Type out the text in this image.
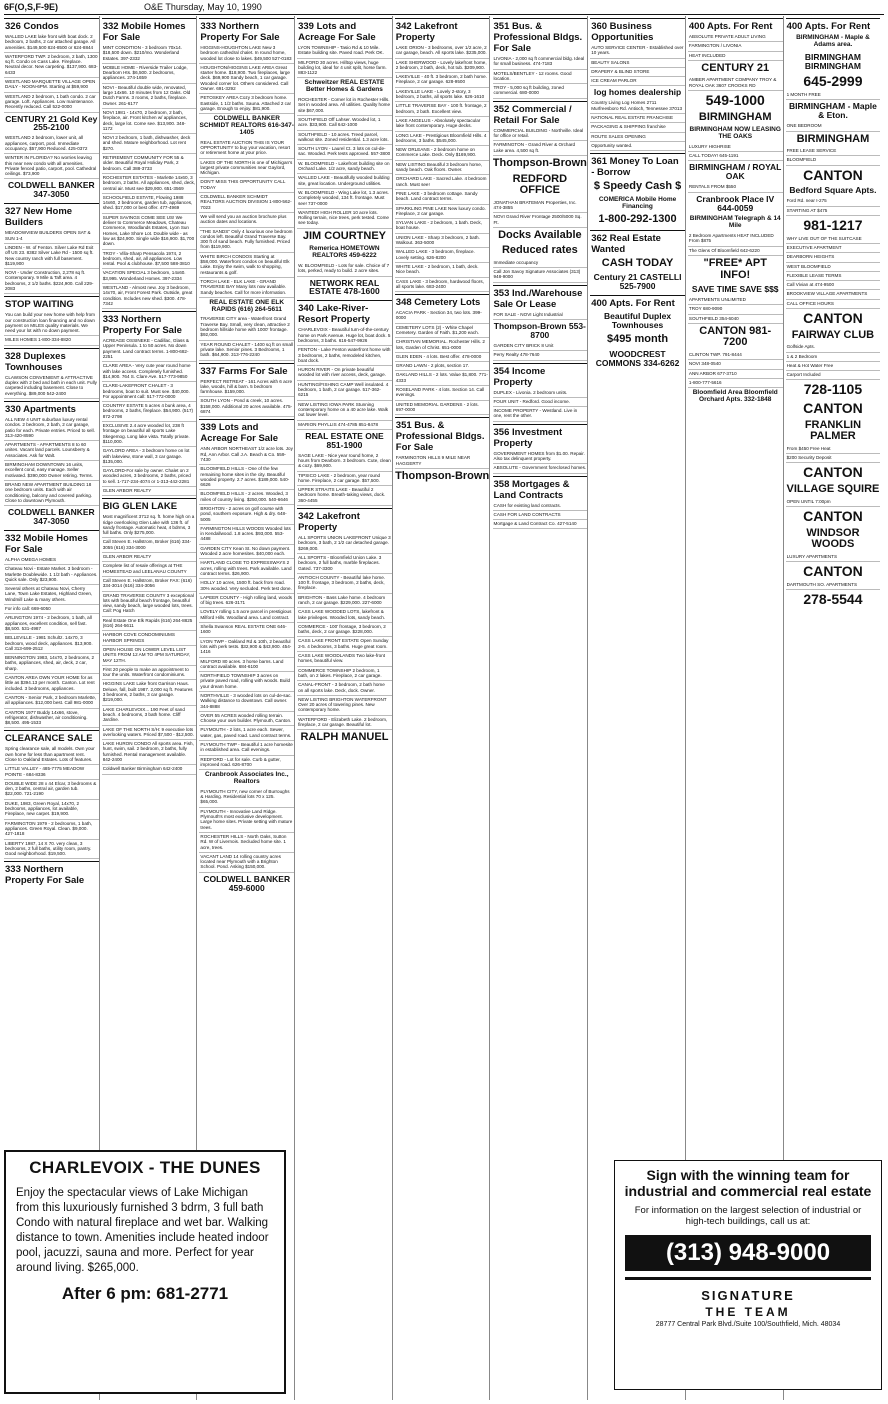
6F(O,S,F-9E)	O&E Thursday, May 10, 1990
326 Condos
WALLED LAKE lake front with boat dock. 2 bedroom, 2 baths, 2 car attached garage. All amenities. $149,500 824-8500 or 624-8844
WATERFORD TWP. 2 bedroom, 2 bath, 1300 sq ft. Condo on Cass Lake. Fireplace. Neutral decor. New carpeting. $137,900. 683-6433
WESTLAND MARQUETTE VILLAGE OPEN DAILY - NOON-6PM. Starting at $59,900
WESTLAND 2 bedroom, 1 bath condo. 2 car garage. Loft. Appliances. Low maintenance. Recently reduced. Call 522-0000
CENTURY 21 Gold Key 255-2100
WESTLAND 2 bedroom, lower unit, all appliances, carport, pool. Immediate occupancy. $57,900 Reduced. 425-0372
WINTER IN FLORIDA? No worries leaving this near new condo with all amenities. Private fenced patio, carport, pool. Cathedral ceilings. $73,900
COLDWELL BANKER 347-3050
327 New Home Builders
MEADOWVIEW BUILDERS OPEN SAT & SUN 1-4
LINDEN - W. of Fenton. Silver Lake Rd Exit off US 23. 8382 Silver Lake Rd - 1500 sq ft. New country ranch with full basement. $119,900
NOVI - Under Construction, 2,278 sq ft. Contemporary. 9 Mile & Taft area. 4 bedrooms, 2 1/2 baths. $224,900. Call 229-2083
STOP WAITING
You can build your new home with help from our construction loan financing and no down payment on MILES quality materials. We need your lot with no down payment.
MILES HOMES 1-800-334-8820
328 Duplexes Townhouses
CLAWSON CONVENIENT & ATTRACTIVE duplex with 2 bed and bath in each unit. Fully carpeted including basement. Close to everything. $89,000 542-2400
330 Apartments
ALL NEW 4 UNIT suburban luxury rental condos. 2 bedroom, 2 bath, 2 car garage, patio for each. Private entries. Priced to sell. 313-420-8590
APARTMENTS - APARTMENTS 8 to 60 unites. Vacant land parcels. Lounsberry & Associates. Ask for Walt.
BIRMINGHAM DOWNTOWN 16 units, excellent cond, easy manage. Seller motivated. $390,000 Owner retiring. Terms.
BRAND NEW APARTMENT BUILDING 18 one bedroom units. Each with air conditioning, balcony and covered parking. Close to downtown Plymouth.
COLDWELL BANKER 347-3050
332 Mobile Homes For Sale
ALPHA OMEGA HOMES
Chateau Novi - Estate Market. 3 bedroom - Marlette Doublewide. 1 1/2 bath - Appliances. Quick sale. Only $23,900.
Several others at Chateau Novi, Cherry Lane, Town Lake Estates, Highland Green, Windmill Lake & many others.
For info call: 669-6050
ARLINGTON 1974 - 2 bedroom, 1 bath, all appliances, excellent condition, sell fast. $8,500. 531-4987
BELLEVILLE - 1981 Schultz. 14x70, 3 bedroom, wood deck, appliances. $13,900. Call 313-699-2512
BENNINGTON 1983, 14x70, 2 bedrooms, 2 baths, appliances, shed, air, deck, 2 car, sharp.
CANTON AREA OWN YOUR HOME for as little as $394.13 per month. Canton. Lot rent included. 3 bedrooms, appliances.
CANTON - Senior Park, 2 bedroom Marlette, all appliances. $12,000 best. Call 981-0000
CANTON 1977 Buddy 14x66, stove, refrigerator, dishwasher, air conditioning. $8,500. 495-1533
CLEARANCE SALE
Spring clearance sale, all models. Own your own home for less than apartment rent. Close to Oakland Estates. Lots of features.
LITTLE VALLEY - 485-7775 MEADOW POINTE - 684-8336
DOUBLE WIDE 28 x 44 Elcar, 3 bedrooms & den, 2 baths, central air, garden tub. $22,000. 721-2190
DUKE, 1983, Green Royal, 14x70, 2 bedrooms, appliances, lot available, Fireplace, new carpet. $19,900.
FARMINGTON 1979 - 2 bedrooms, 1 bath, appliances. Green Royal. Clean. $9,000. 427-1818
LIBERTY 1987, 14 X 70. very clean, 3 bedrooms, 2 full baths, utility room, pantry. Good neighborhood. $19,500.
333 Northern Property For Sale
332 Mobile Homes For Sale
MINT CONDITION - 3 bedroom 70x14. $18,500 down. $210/mo. Wonderland Estates. 397-2332
MOBILE HOME - Riverside Trailer Lodge, Dearborn Hts. $6,500. 2 bedrooms, appliances. 274-1659
NOVI - Beautiful double wide, renovated, large 14x66. 10 minutes from 12 Oaks. Old Dutch Farms. 3 rooms, 2 baths, fireplace. Owner. 261-6177
NOVI 1981 - 14x70, 2 bedroom, 2 bath, fireplace, air. Front kitchen w/ appliances, deck, large lot. Come see. $13,900. 348-1172
NOVI 2 bedroom, 1 bath, dishwasher, deck and shed. Mature neighborhood. Lot rent $270.
RETIREMENT COMMUNITY FOR 55 & older. Beautiful Royal Holiday Park, 2 bedroom. Call 388-3733
ROCHESTER ESTATES - Marlette 14x60, 3 bedroom, 2 baths. All appliances, shed, deck, central air. Must see $29,900. 651-3569
SCHOOLFIELD ESTATE, Flowing 1988 14x60, 2 bedrooms, garden tub, appliances, shed. $17,000 or best offer. 477-4969
SUPER SAVINGS COME SEE US! We deliver to Commerce Meadows, Chateau Commerce, Woodlands Estates, Lyon Sun Homes, Lake Shore Lot. Double wide - as low as $24,900. Single wide $16,900. $1,700 down.
TROY - Villa-Sharp Pensacola 1974, 2 bedroom, shed, air, all appliances. Low rental. Pool & clubhouse. $7,500 588-3810
VACATION SPECIAL 3 bedroom, 14x60. $3,995. Wonderland Homes. 397-2334
WESTLAND - Almost new. Joy 3 bedroom, 14x70, air, Front Forest Park. Outside, great condition. Includes new shed. $300. 478-7342
333 Northern Property For Sale
ACREAGE OSSINEKE - Cadillac, Glass & Upper Peninsula. 1 to 50 acres. No down payment. Land contract terms. 1-800-682-2251
CLARE AREA - Very cute year round home with lake access. Completely furnished. $14,900. 764 S. Clare Ave. 517-773-9850
CLARE-LAKEFRONT CHALET - 3 bedrooms, boat to suit. Must see. $40,000. For appointment call: 517-772-0000
COUNTRY ESTATE 5 acres 4 bunk area, 4 bedrooms, 2 baths, fireplace. $54,900. (517) 872-2798
EXCLUSIVE 2.4 acre wooded lot, 238 ft frontage on beautiful all sports Lake Skegemog. Long lake vista. Totally private. $110,000.
GAYLORD AREA - 3 bedroom home on lot with lakeview, stone wall, 3 car garage. $135,000.
GAYLORD-For sale by owner. Chalet on 2 wooded acres, 3 bedrooms, 2 baths, priced to sell. 1-717-234-4074 or 1-313-442-2281
GLEN ARBOR REALTY
BIG GLEN LAKE
Most magnificent 3712 sq. ft. home high on a ridge overlooking Glen Lake with 136 ft. of sandy frontage. Automatic heat, 4 bdrms, 3 full baths. Only $275,000.
Call Steven E. Hallstrom, Broker (616) 334-3055 (616) 334-3000
GLEN ARBOR REALTY
Complete list of resale offerings at THE HOMESTEAD and LEELANAU COUNTY
Call Steven E. Hallstrom, Broker FAX: (616) 334-3014 (616) 334-3056
GRAND TRAVERSE COUNTY 3 exceptional lots with beautiful beach frontage, beautiful view, sandy beach, large wooded lots, trees. Call: Pog Hatch
Real Estate One Elk Rapids (616) 264-8825 (616) 264-5611
HARBOR COVE CONDOMINIUMS HARBOR SPRINGS
OPEN HOUSE ON LOWER LEVEL LIST UNITS FROM 12 AM TO 4PM SATURDAY, MAY 12TH.
First 20 people to make an appointment to tour the units. Waterfront condominiums.
HIGGINS LAKE Lake front Garrison Haus. Deluxe, fall, built 1987. 2,000 sq ft. Features 3 bedrooms, 2 baths, 3 car garage. $219,000.
LAKE CHARLEVOIX... 190 Feet of sand beach. 4 bedrooms, 3 bath home. Cliff Jardine.
LAKE OF THE NORTH S/H: 9 executive lots overlooking waters. Priced $7,500 - $12,500.
LAKE HURON CONDO All sports area. Fish, hunt, swim, sail. 2 bedroom, 2 baths, fully furnished. Rental management available. 842-2400
Coldwell Banker Birmingham 642-2400
333 Northern Property For Sale
HIGGINS-HOUGHTON LAKE New 3 bedroom cathedral chalet. In round home, wooded lot close to lakes. $49,500 527-0183
HOUGHTON/HIGGINS LAKE AREA Great starter home. $18,900. Two fireplaces, large deck. $69,900 Sandy beach, 1 car garage. Wooded corner lot. Others considered. Call Owner. 691-3292
PETOSKEY AREA Cozy 3 bedroom home. Eastside, 1 1/2 baths. Sauna. Attached 2 car garage. Enough to enjoy. $81,900.
COLDWELL BANKER SCHMIDT REALTORS 616-347-1405
REAL ESTATE AUCTION THIS IS YOUR OPPORTUNITY to buy your vacation, resort or retirement home at your price.
LAKES OF THE NORTH is one of Michigan's largest private communities near Gaylord, Michigan.
DON'T MISS THIS OPPORTUNITY CALL TODAY
COLDWELL BANKER SCHMIDT REALTORS AUCTION DIVISION 1-800-562-7023
We will send you an auction brochure plus auction dates and locations.
"THE SANDS" Only 4 luxurious one bedroom condos left. Beautiful Grand Traverse Bay. 300 ft of sand beach. Fully furnished. Priced from $119,900.
WHITE BIRCH CONDOS Starting at $58,000. Waterfront condos on beautiful Elk Lake. Enjoy the swim, walk to shopping, restaurants & golf.
TORCH LAKE - ELK LAKE - GRAND TRAVERSE BAY Many lots now available. Sandy beaches. Call for more information.
REAL ESTATE ONE ELK RAPIDS (616) 264-5611
TRAVERSE CITY area - Waterfront Grand Traverse Bay. Small, very clean, attractive 2 bedroom hillside home with 1000' frontage. $92,000.
YEAR ROUND CHALET - 1400 sq ft on small private lake. Senior pines. 3 Bedrooms, 1 bath. $64,900. 313-776-2240
337 Farms For Sale
PERFECT RETREAT - 161 Acres with 6 acre lake, woods, hill & barn. 5 bedroom farmhouse. $159,000.
SOUTH LYON - Pond & creek, 10 acres. $158,000. Additional 20 acres available. 475-6874
339 Lots and Acreage For Sale
ANN ARBOR NORTHEAST 1/2 acre lots. Joy Rd, Ann Arbor. Call J.A. Beach & Co. 559-7430
BLOOMFIELD HILLS - One of the few remaining home sites in the city. Beautiful wooded property. 2.7 acres. $189,000. 540-6626
BLOOMFIELD HILLS - 2 acres. Wooded, 3 miles of country living. $250,000. 540-6646
BRIGHTON - 2 acres on golf course with pond, southern exposure. High & dry. 648-5005
FARMINGTON HILLS WOODS Wooded lots in Kendallwood. 1.8 acres. $93,000. 553-4488
GARDEN CITY Kean St. No down payment. Wooded 2 acre homesites. $40,000 each.
HARTLAND CLOSE TO EXPRESSWAYS 2 acres, rolling with trees. Park available. Land contract terms. $26,900.
HOLLY 10 acres, 1500 ft. back from road. 30% wooded. Very secluded. Perk test done.
LAPEER COUNTY - High rolling land, woods of big trees. 626-3171
LOVELY rolling 1.5 acre parcel in prestigious Milford Hills. Woodland area. Land contract.
Shella Swanson REAL ESTATE ONE 646-1600
LYON TWP - Oakland Rd & 10th, 2 beautiful lots with perk tests. $32,900 & $43,900. 454-1416
MILFORD 80 acres. 3 horse barns. Land contract available. 684-6100
NORTHFIELD TOWNSHIP 3 acres on private paved road, rolling with woods. Build your dream home.
NORTHVILLE - 3 wooded lots on cul-de-sac. Walking distance to downtown. Call owner. 344-8888
OVER 55 ACRES wooded rolling terrain. Choose your own builder. Plymouth, Canton.
PLYMOUTH - 2 lots, 1 acre each. Sewer, water, gas, paved road. Land contract terms.
PLYMOUTH TWP - Beautiful 1 acre homesite in established area. Call evenings.
REDFORD - Lot for sale. Curb & gutter, improved road. 626-8700
Cranbrook Associates Inc., Realtors
PLYMOUTH CITY, new corner of Burroughs & Harding. Residential lots 70 x 125. $65,000.
PLYMOUTH - Innovative Land Ridge. Plymouth's most exclusive development. Large home sites. Private setting with mature trees.
ROCHESTER HILLS - North Oaks, Sutton Rd. W of Livernois. Secluded home site. 1 acre, trees.
VACANT LAND 14 rolling country acres located near Plymouth with a Brighton School. Pond. Asking $150,000.
COLDWELL BANKER 459-6000
339 Lots and Acreage For Sale
LYON TOWNSHIP - Tasio Rd & 10 Mile. Estate building site. Paved road. Perk OK.
MILFORD 30 acres. Hilltop views, huge building lot, ideal for 4 unit split, horse farm. 883-1122
Schweitzer REAL ESTATE Better Homes & Gardens
ROCHESTER - Corner lot in Rochester Hills. Set in wooded area. All utilities. Quality home site $67,000.
SOUTHFIELD Off Lahser. Wooded lot, 1 acre. $33,900. Call 642-1000
SOUTHFIELD - 10 acres. Treed parcel, walkout site. Zoned residential. 1.3 acre lots.
SOUTH LYON - Laurel Ct. 3 lots on cul-de-sac. Wooded. Perk tests approved. 557-3800
W. BLOOMFIELD - Lakefront building site on Orchard Lake. 1/2 acre, sandy beach.
WALLED LAKE - Beautifully wooded building site, great location. Underground utilities.
W. BLOOMFIELD - Wing Lake lot, 1.3 acres. Completely wooded, 134 ft. frontage. Must see! 737-0000
WANTED! HIGH ROLLER 10 acre lots. Rolling terrain, nice trees, perk tested. Come see today.
JIM COURTNEY
Remerica HOMETOWN REALTORS 459-6222
W. BLOOMFIELD - Lots for sale. Choice of 7 lots, perked, ready to build. 2 acre sites.
NETWORK REAL ESTATE 478-1600
340 Lake-River-Resort Property
CHARLEVOIX - Beautiful turn-of-the-century home on Park Avenue. Huge lot, boat dock. 5 bedrooms, 3 baths. 616-547-9926
FENTON - Lake Fenton waterfront home with 3 bedrooms, 2 baths, remodeled kitchen, boat dock.
HURON RIVER - On private beautiful wooded lot with river access, deck, garage.
HUNTING/FISHING CAMP Well insulated. 4 bedroom, 1 bath, 2 car garage. 517-362-6215
NEW LISTING IOWA PARK Stunning contemporary home on a 40 acre lake. Walk out lower level.
MARION PHYLLIS 474-4785 851-8478
REAL ESTATE ONE 851-1900
SAGE LAKE - Nice year round home, 2 hours from Dearborn. 3 bedroom. Cute, clean & cozy. $69,900.
TIPSICO LAKE - 2 bedroom, year round home. Fireplace, 2 car garage. $57,500.
UPPER STRAITS LAKE - Beautiful 2 bedroom home. Breath-taking views, dock. 360-4455
342 Lakefront Property
ALL SPORTS UNION LAKEFRONT Unique 3 bedroom, 3 bath, 2 1/2 car detached garage. $269,000.
ALL SPORTS - Bloomfield Union Lake. 3 bedroom, 2 full baths, marble fireplaces. Gated. 737-3300
ANTIOCH COUNTY - Beautiful lake home. 100 ft. frontage, 3 bedroom, 2 baths, deck, fireplace.
BRIGHTON - Bass Lake home. 4 bedroom ranch, 2 car garage. $229,000. 227-6000
CASS LAKE WOODED LOTS, lakefront & lake privileges. Wooded lots, sandy beach.
COMMERCE - 100' frontage, 3 bedroom, 2 baths, deck, 2 car garage. $228,000.
CASS LAKE FRONT ESTATE Open Sunday 2-5. 4 bedrooms, 3 baths. Huge great room.
CASS LAKE WOODLANDS Two lake-front homes, beautiful view.
COMMERCE TOWNSHIP 2 bedroom, 1 bath, on 2 lakes. Fireplace, 2 car garage.
CANAL-FRONT - 3 bedroom, 2 bath home on all sports lake. Deck, dock. Owner.
NEW LISTING BRIGHTON WATERFRONT Over 20 acres of towering pines. New contemporary home.
WATERFORD - Elizabeth Lake. 2 bedroom, fireplace, 2 car garage. Beautiful lot.
RALPH MANUEL
342 Lakefront Property
LAKE ORION - 3 bedrooms, over 1/2 acre, 2 car garage, beach. All sports lake. $235,000.
LAKE SHERWOOD - Lovely lakefront home, 2 bedroom, 2 bath, deck, hot tub. $209,900.
LAKEVILLE - 40 ft. 3 bedroom, 2 bath home. Fireplace, 2 car garage. 628-9500
LAKEVILLE LAKE - Lovely 2-story, 3 bedroom, 2 baths, all sports lake. 626-1610
LITTLE TRAVERSE BAY - 100 ft. frontage, 2 bedroom, 2 bath. Excellent view.
LAKE ANGELUS - Absolutely spectacular lake front contemporary. Huge decks.
LONG LAKE - Prestigious Bloomfield Hills. 4 bedrooms, 3 baths. $545,000.
NEW ORLEANS - 2 bedroom home on Commerce Lake. Deck. Only $169,900.
NEW LISTING Beautiful 3 bedroom home, sandy beach. Oak floors. Owner.
ORCHARD LAKE - Sacred Lake. 4 bedroom ranch. Must see!
PINE LAKE - 3 bedroom cottage. Sandy beach. Land contract terms.
SPARKLING PINE LAKE New luxury condo. Fireplace, 2 car garage.
SYLVAN LAKE - 2 bedroom, 1 bath. Deck, boat house.
UNION LAKE - Sharp 3 bedroom, 2 bath. Walkout. 363-5000
WALLED LAKE - 3 bedroom, fireplace. Lovely setting. 626-8200
WHITE LAKE - 2 bedroom, 1 bath, deck. Nice beach.
CASS LAKE - 3 bedroom, hardwood floors, all sports lake. 683-2400
348 Cemetery Lots
ACACIA PARK - Section 34, two lots. 399-0000
CEMETERY LOTS (2) - White Chapel Cemetery. Garden of Faith. $1,200 each.
CHRISTIAN MEMORIAL. Rochester Hills. 2 lots, Garden of Christ. 651-0000
GLEN EDEN - 4 lots. Best offer. 478-0000
GRAND LAWN - 2 plots, section 17.
OAKLAND HILLS - 2 lots. Value $1,800. 771-4333
ROSELAND PARK - 4 lots. Section 14. Call evenings.
UNITED MEMORIAL GARDENS - 2 lots. 697-0000
351 Bus. & Professional Bldgs. For Sale
FARMINGTON HILLS 9 MILE NEAR HAGGERTY
Thompson-Brown
351 Bus. & Professional Bldgs. For Sale
LIVONIA - 2,000 sq ft commercial bldg. Ideal for small business. 474-7183
MOTELS/BENTLEY - 12 rooms. Good location.
TROY - 5,000 sq ft building, zoned commercial. 680-0000
352 Commercial / Retail For Sale
COMMERCIAL BUILDING - Northville. Ideal for office or retail.
FARMINGTON - Grand River & Orchard Lake area. 4,500 sq ft.
Thompson-Brown
REDFORD OFFICE
JONATHAN BRATEMAN Properties, Inc. 474-3855
NOVI Grand River Frontage 2500/5000 Sq. Ft.
Docks Available
Reduced rates
Immediate occupancy
Call Jon Savoy Signature Associates (313) 948-9000
353 Ind./Warehouse Sale Or Lease
FOR SALE - NOVI Light Industrial
Thompson-Brown 553-8700
GARDEN CITY BRICK 8 Unit
Perry Realty 478-7640
354 Income Property
DUPLEX - Livonia. 2 bedroom units.
FOUR UNIT - Redford. Good income.
INCOME PROPERTY - Westland. Live in one, rent the other.
356 Investment Property
GOVERNMENT HOMES from $1.00. Repair. Also tax delinquent property.
ABSOLUTE - Government foreclosed homes.
358 Mortgages & Land Contracts
CASH for existing land contracts.
CASH FOR LAND CONTRACTS
Mortgage & Land Contract Co. 427-5140
360 Business Opportunities
AUTO SERVICE CENTER - Established over 10 years.
BEAUTY SALONS
DRAPERY & BLIND STORE
ICE CREAM PARLOR
log homes dealership
Country Living Log Homes 2711 Murfreesboro Rd. Antioch, Tennessee 37013
NATIONAL REAL ESTATE FRANCHISE
PACKAGING & SHIPPING franchise
ROUTE SALES OPENING
Opportunity wanted.
361 Money To Loan - Borrow
$ Speedy Cash $
COMERICA Mobile Home Financing
1-800-292-1300
362 Real Estate Wanted
CASH TODAY
Century 21 CASTELLI 525-7900
400 Apts. For Rent
Beautiful Duplex Townhouses
$495 month
WOODCREST COMMONS 334-6262
400 Apts. For Rent
ABSOLUTE PRIVATE ADULT LIVING
FARMINGTON / LIVONIA
HEAT INCLUDED
CENTURY 21
AMBER APARTMENT COMPANY TROY & ROYAL OAK 3607 CROOKS RD
549-1000
BIRMINGHAM
BIRMINGHAM NOW LEASING THE OAKS
LUXURY HIGHRISE
CALL TODAY! 645-1191
BIRMINGHAM / ROYAL OAK
RENTALS FROM $550
Cranbrook Place IV 644-0059
BIRMINGHAM Telegraph & 14 Mile
2 Bedroom Apartments HEAT INCLUDED From $875
The Glens Of Bloomfield 642-6220
"FREE* APT INFO!
SAVE TIME SAVE $$$
APARTMENTS UNLIMITED
TROY 680-9090
SOUTHFIELD 354-6040
CANTON 981-7200
CLINTON TWP. 791-8444
NOVI 348-0540
ANN ARBOR 677-3710
1-800-777-5616
Bloomfield Area Bloomfield Orchard Apts. 332-1848
400 Apts. For Rent
BIRMINGHAM - Maple & Adams area.
BIRMINGHAM BIRMINGHAM
645-2999
1 MONTH FREE
BIRMINGHAM - Maple & Eton.
ONE BEDROOM
BIRMINGHAM
FREE LEASE SERVICE
BLOOMFIELD
CANTON
Bedford Square Apts.
Ford Rd. near I-275
STARTING AT $475
981-1217
WHY LIVE OUT OF THE SUITCASE
EXECUTIVE APARTMENT
DEARBORN HEIGHTS
WEST BLOOMFIELD
FLEXIBLE LEASE TERMS
Call Vivian at 474-9500
BROOKVIEW VILLAGE APARTMENTS
CALL OFFICE HOURS
CANTON
FAIRWAY CLUB
Golfside Apts.
1 & 2 Bedroom
Heat & Hot Water Free
Carport Included
728-1105
CANTON
FRANKLIN PALMER
From $450 Free Heat
$200 Security Deposit
CANTON
VILLAGE SQUIRE
OPEN UNTIL 7:00pm
CANTON
WINDSOR WOODS
LUXURY APARTMENTS
CANTON
DARTMOUTH SO. APARTMENTS
278-5544
CHARLEVOIX - THE DUNES
Enjoy the spectacular views of Lake Michigan from this luxuriously furnished 3 bdrm, 3 full bath Condo with natural fireplace and wet bar. Walking distance to town. Amenities include heated indoor pool, jacuzzi, sauna and more. Perfect for year around living. $265,000.
After 6 pm: 681-2771
Sign with the winning team for industrial and commercial real estate
For information on the largest selection of industrial or high-tech buildings, call us at:
(313) 948-9000
SIGNATURE
THE TEAM
28777 Central Park Blvd./Suite 100/Southfield, Mich. 48034
